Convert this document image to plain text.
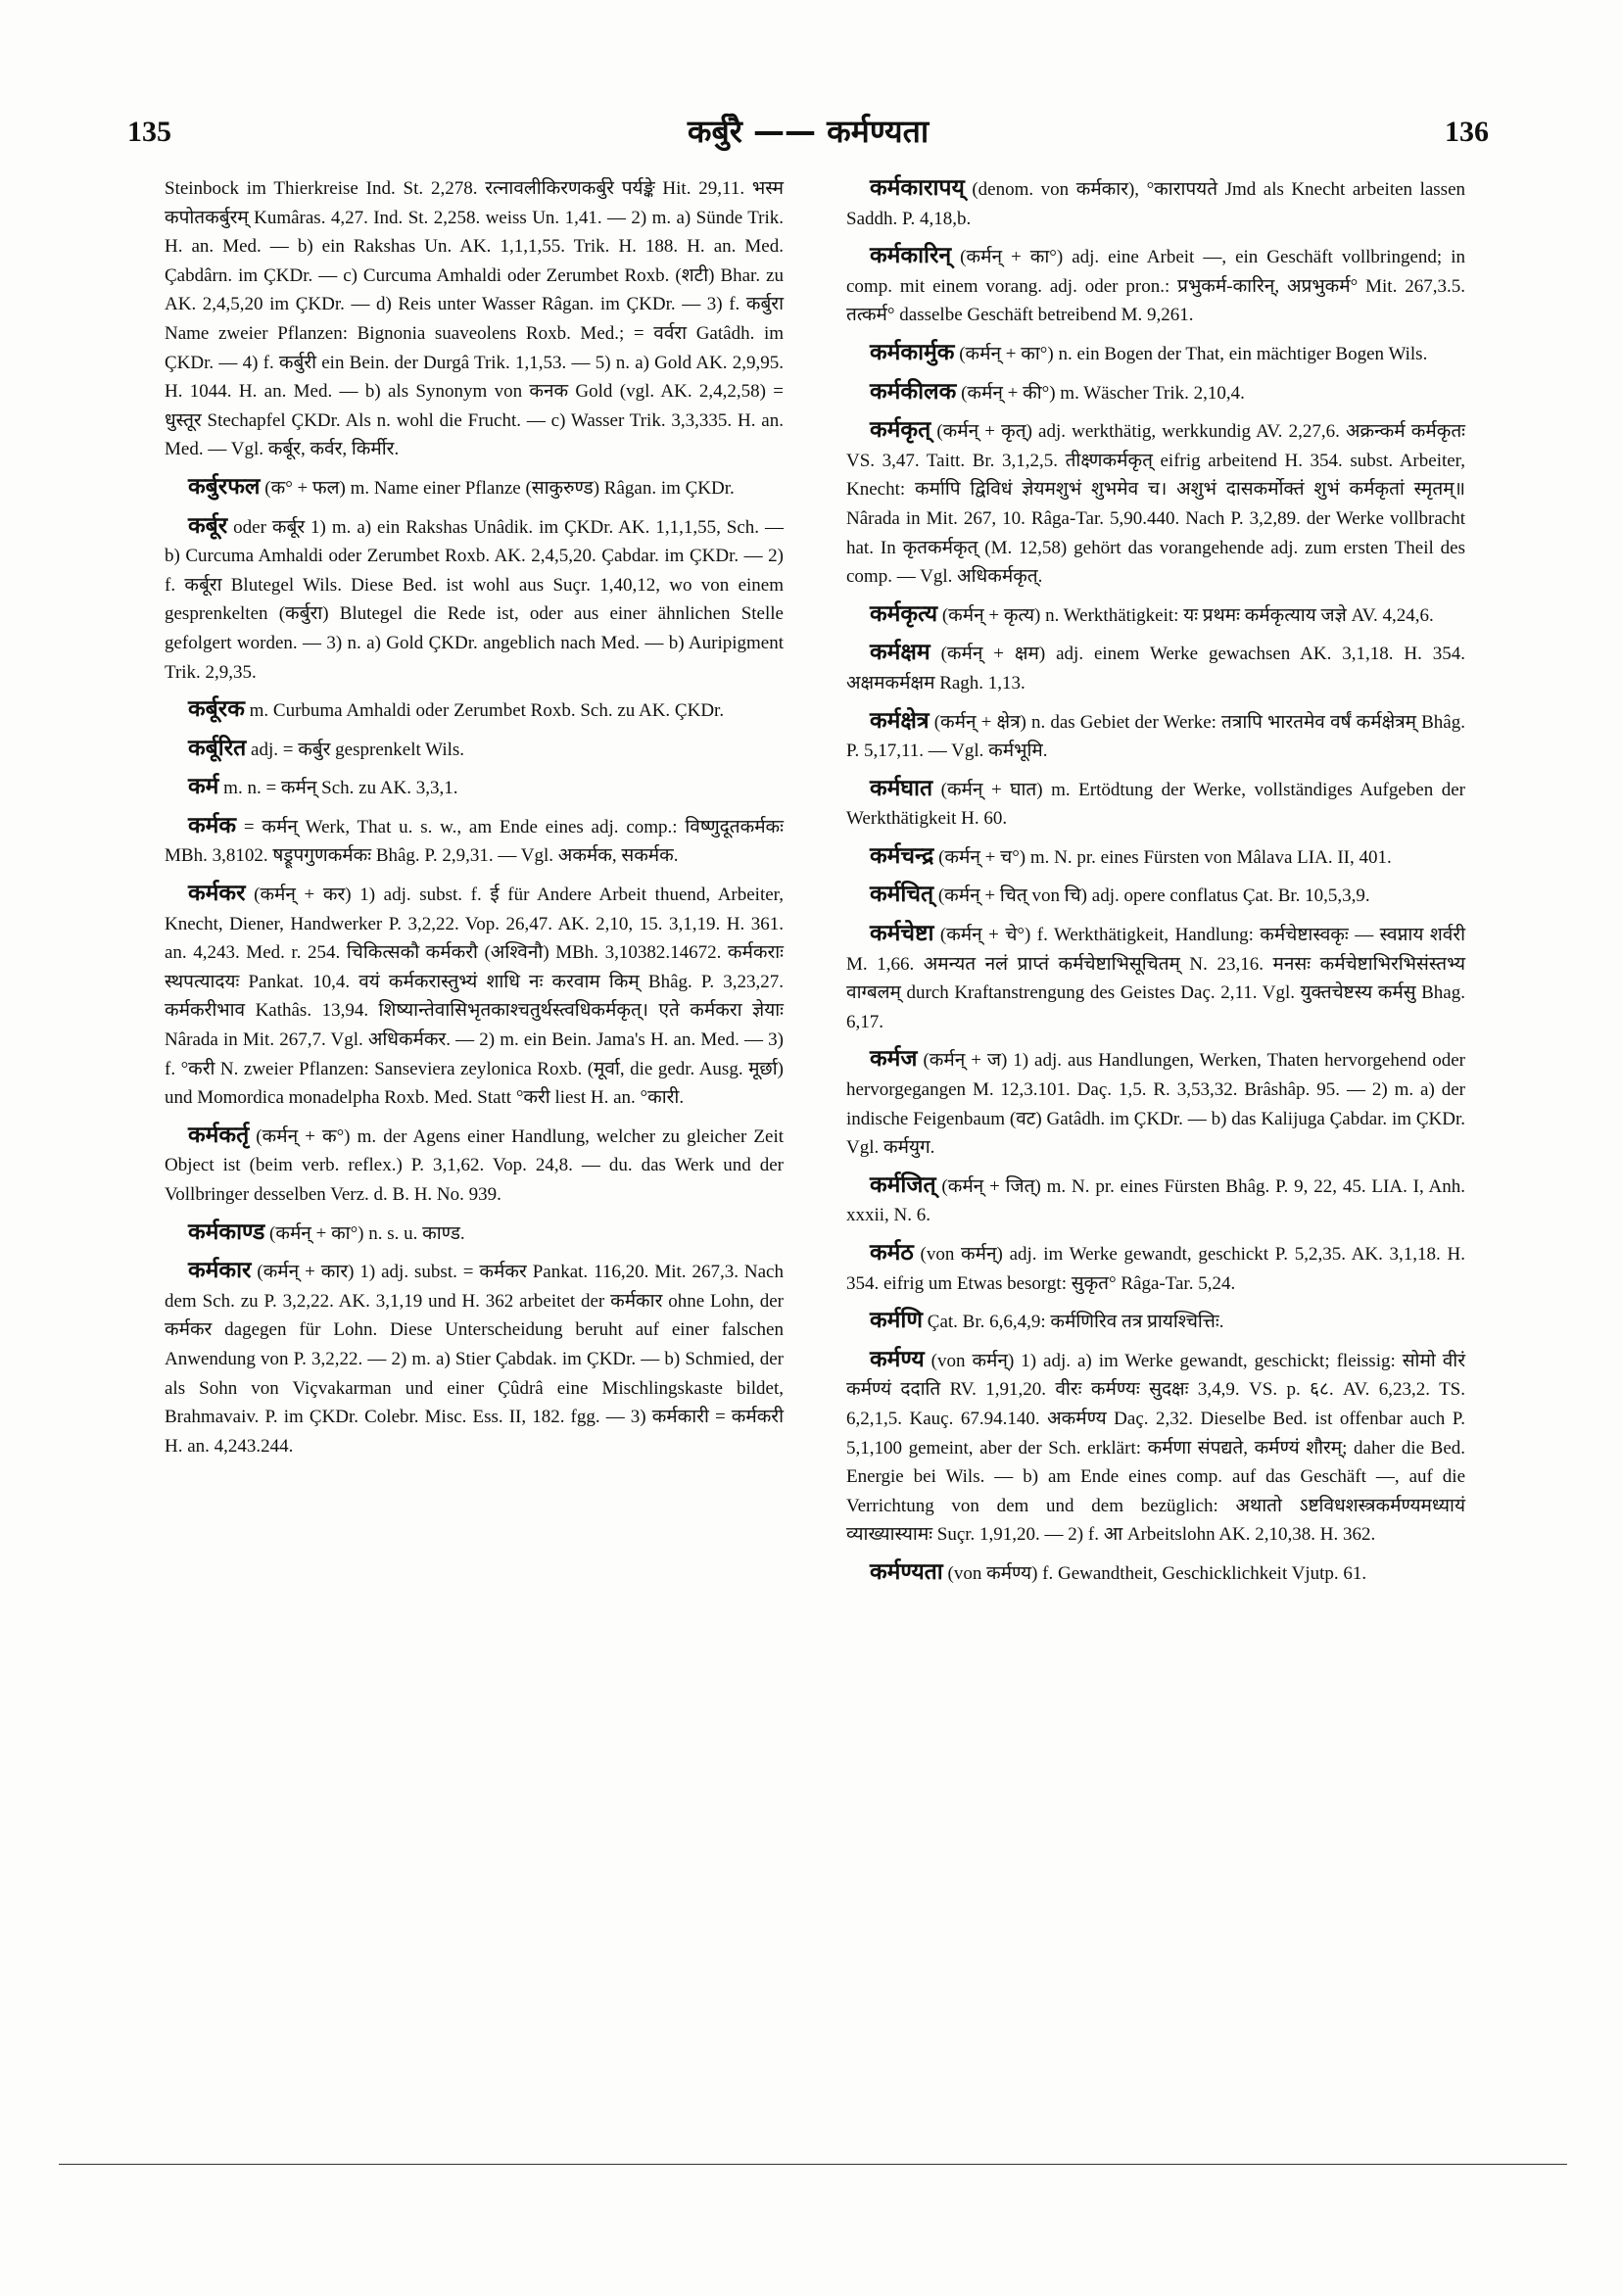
135	कर्बुरै —— कर्मण्यता	136

Steinbock im Thierkreise Ind. St. 2,278. रत्नावलीकिरणकर्बुरे पर्यङ्के Hit. 29,11. भस्म कपोतकर्बुरम् Kumâras. 4,27. Ind. St. 2,258. weiss Un. 1,41. — 2) m. a) Sünde Trik. H. an. Med. — b) ein Rakshas Un. AK. 1,1,1,55. Trik. H. 188. H. an. Med. Çabdârn. im ÇKDr. — c) Curcuma Amhaldi oder Zerumbet Roxb. (शटी) Bhar. zu AK. 2,4,5,20 im ÇKDr. — d) Reis unter Wasser Râgan. im ÇKDr. — 3) f. कर्बुरा Name zweier Pflanzen: Bignonia suaveolens Roxb. Med.; = वर्वरा Gatâdh. im ÇKDr. — 4) f. कर्बुरी ein Bein. der Durgâ Trik. 1,1,53. — 5) n. a) Gold AK. 2,9,95. H. 1044. H. an. Med. — b) als Synonym von कनक Gold (vgl. AK. 2,4,2,58) = धुस्तूर Stechapfel ÇKDr. Als n. wohl die Frucht. — c) Wasser Trik. 3,3,335. H. an. Med. — Vgl. कर्बूर, कर्वर, किर्मीर.

कर्बुरफल (क° + फल) m. Name einer Pflanze (साकुरुण्ड) Râgan. im ÇKDr.

कर्बूर oder कर्बूर 1) m. a) ein Rakshas Unâdik. im ÇKDr. AK. 1,1,1,55, Sch. — b) Curcuma Amhaldi oder Zerumbet Roxb. AK. 2,4,5,20. Çabdar. im ÇKDr. — 2) f. कर्बूरा Blutegel Wils. Diese Bed. ist wohl aus Suçr. 1,40,12, wo von einem gesprenkelten (कर्बुरा) Blutegel die Rede ist, oder aus einer ähnlichen Stelle gefolgert worden. — 3) n. a) Gold ÇKDr. angeblich nach Med. — b) Auripigment Trik. 2,9,35.

कर्बूरक m. Curbuma Amhaldi oder Zerumbet Roxb. Sch. zu AK. ÇKDr.

कर्बूरित adj. = कर्बुर gesprenkelt Wils.

कर्म m. n. = कर्मन् Sch. zu AK. 3,3,1.

कर्मक = कर्मन् Werk, That u. s. w., am Ende eines adj. comp.: विष्णुदूतकर्मकः MBh. 3,8102. षड्रूपगुणकर्मकः Bhâg. P. 2,9,31. — Vgl. अकर्मक, सकर्मक.

कर्मकर (कर्मन् + कर) 1) adj. subst. f. ई für Andere Arbeit thuend, Arbeiter, Knecht, Diener, Handwerker P. 3,2,22. Vop. 26,47. AK. 2,10, 15. 3,1,19. H. 361. an. 4,243. Med. r. 254. चिकित्सकौ कर्मकरौ (अश्विनौ) MBh. 3,10382.14672. कर्मकराः स्थपत्यादयः Pankat. 10,4. वयं कर्मकरास्तुभ्यं शाधि नः करवाम किम् Bhâg. P. 3,23,27. कर्मकरीभाव Kathâs. 13,94. शिष्यान्तेवासिभृतकाश्चतुर्थस्त्वधिकर्मकृत्। एते कर्मकरा ज्ञेयाः Nârada in Mit. 267,7. Vgl. अधिकर्मकर. — 2) m. ein Bein. Jama's H. an. Med. — 3) f. °करी N. zweier Pflanzen: Sanseviera zeylonica Roxb. (मूर्वा, die gedr. Ausg. मूर्छा) und Momordica monadelpha Roxb. Med. Statt °करी liest H. an. °कारी.

कर्मकर्तृ (कर्मन् + क°) m. der Agens einer Handlung, welcher zu gleicher Zeit Object ist (beim verb. reflex.) P. 3,1,62. Vop. 24,8. — du. das Werk und der Vollbringer desselben Verz. d. B. H. No. 939.

कर्मकाण्ड (कर्मन् + का°) n. s. u. काण्ड.

कर्मकार (कर्मन् + कार) 1) adj. subst. = कर्मकर Pankat. 116,20. Mit. 267,3. Nach dem Sch. zu P. 3,2,22. AK. 3,1,19 und H. 362 arbeitet der कर्मकार ohne Lohn, der कर्मकर dagegen für Lohn. Diese Unterscheidung beruht auf einer falschen Anwendung von P. 3,2,22. — 2) m. a) Stier Çabdak. im ÇKDr. — b) Schmied, der als Sohn von Viçvakarman und einer Çûdrâ eine Mischlingskaste bildet, Brahmavaiv. P. im ÇKDr. Colebr. Misc. Ess. II, 182. fgg. — 3) कर्मकारी = कर्मकरी H. an. 4,243.244.

कर्मकारापय् (denom. von कर्मकार), °कारापयते Jmd als Knecht arbeiten lassen Saddh. P. 4,18,b.

कर्मकारिन् (कर्मन् + का°) adj. eine Arbeit —, ein Geschäft vollbringend; in comp. mit einem vorang. adj. oder pron.: प्रभुकर्म-कारिन्, अप्रभुकर्म° Mit. 267,3.5. तत्कर्म° dasselbe Geschäft betreibend M. 9,261.

कर्मकार्मुक (कर्मन् + का°) n. ein Bogen der That, ein mächtiger Bogen Wils.

कर्मकीलक (कर्मन् + की°) m. Wäscher Trik. 2,10,4.

कर्मकृत् (कर्मन् + कृत्) adj. werkthätig, werkkundig AV. 2,27,6. अक्रन्कर्म कर्मकृतः VS. 3,47. Taitt. Br. 3,1,2,5. तीक्ष्णकर्मकृत् eifrig arbeitend H. 354. subst. Arbeiter, Knecht: कर्मापि द्विविधं ज्ञेयमशुभं शुभमेव च। अशुभं दासकर्मोक्तं शुभं कर्मकृतां स्मृतम्॥ Nârada in Mit. 267, 10. Râga-Tar. 5,90.440. Nach P. 3,2,89. der Werke vollbracht hat. In कृतकर्मकृत् (M. 12,58) gehört das vorangehende adj. zum ersten Theil des comp. — Vgl. अधिकर्मकृत्.

कर्मकृत्य (कर्मन् + कृत्य) n. Werkthätigkeit: यः प्रथमः कर्मकृत्याय जज्ञे AV. 4,24,6.

कर्मक्षम (कर्मन् + क्षम) adj. einem Werke gewachsen AK. 3,1,18. H. 354. अक्षमकर्मक्षम Ragh. 1,13.

कर्मक्षेत्र (कर्मन् + क्षेत्र) n. das Gebiet der Werke: तत्रापि भारतमेव वर्षं कर्मक्षेत्रम् Bhâg. P. 5,17,11. — Vgl. कर्मभूमि.

कर्मघात (कर्मन् + घात) m. Ertödtung der Werke, vollständiges Aufgeben der Werkthätigkeit H. 60.

कर्मचन्द्र (कर्मन् + च°) m. N. pr. eines Fürsten von Mâlava LIA. II, 401.

कर्मचित् (कर्मन् + चित् von चि) adj. opere conflatus Çat. Br. 10,5,3,9.

कर्मचेष्टा (कर्मन् + चे°) f. Werkthätigkeit, Handlung: कर्मचेष्टास्वकृः — स्वप्नाय शर्वरी M. 1,66. अमन्यत नलं प्राप्तं कर्मचेष्टाभिसूचितम् N. 23,16. मनसः कर्मचेष्टाभिरभिसंस्तभ्य वाग्बलम् durch Kraftanstrengung des Geistes Daç. 2,11. Vgl. युक्तचेष्टस्य कर्मसु Bhag. 6,17.

कर्मज (कर्मन् + ज) 1) adj. aus Handlungen, Werken, Thaten hervorgehend oder hervorgegangen M. 12,3.101. Daç. 1,5. R. 3,53,32. Brâshâp. 95. — 2) m. a) der indische Feigenbaum (वट) Gatâdh. im ÇKDr. — b) das Kalijuga Çabdar. im ÇKDr. Vgl. कर्मयुग.

कर्मजित् (कर्मन् + जित्) m. N. pr. eines Fürsten Bhâg. P. 9, 22, 45. LIA. I, Anh. xxxii, N. 6.

कर्मठ (von कर्मन्) adj. im Werke gewandt, geschickt P. 5,2,35. AK. 3,1,18. H. 354. eifrig um Etwas besorgt: सुकृत° Râga-Tar. 5,24.

कर्मणि Çat. Br. 6,6,4,9: कर्मणिरिव तत्र प्रायश्चित्तिः.

कर्मण्य (von कर्मन्) 1) adj. a) im Werke gewandt, geschickt; fleissig: सोमो वीरं कर्मण्यं ददाति RV. 1,91,20. वीरः कर्मण्यः सुदक्षः 3,4,9. VS. p. ६८. AV. 6,23,2. TS. 6,2,1,5. Kauç. 67.94.140. अकर्मण्य Daç. 2,32. Dieselbe Bed. ist offenbar auch P. 5,1,100 gemeint, aber der Sch. erklärt: कर्मणा संपद्यते, कर्मण्यं शौरम्; daher die Bed. Energie bei Wils. — b) am Ende eines comp. auf das Geschäft —, auf die Verrichtung von dem und dem bezüglich: अथातो ऽष्टविधशस्त्रकर्मण्यमध्यायं व्याख्यास्यामः Suçr. 1,91,20. — 2) f. आ Arbeitslohn AK. 2,10,38. H. 362.

कर्मण्यता (von कर्मण्य) f. Gewandtheit, Geschicklichkeit Vjutp. 61.
